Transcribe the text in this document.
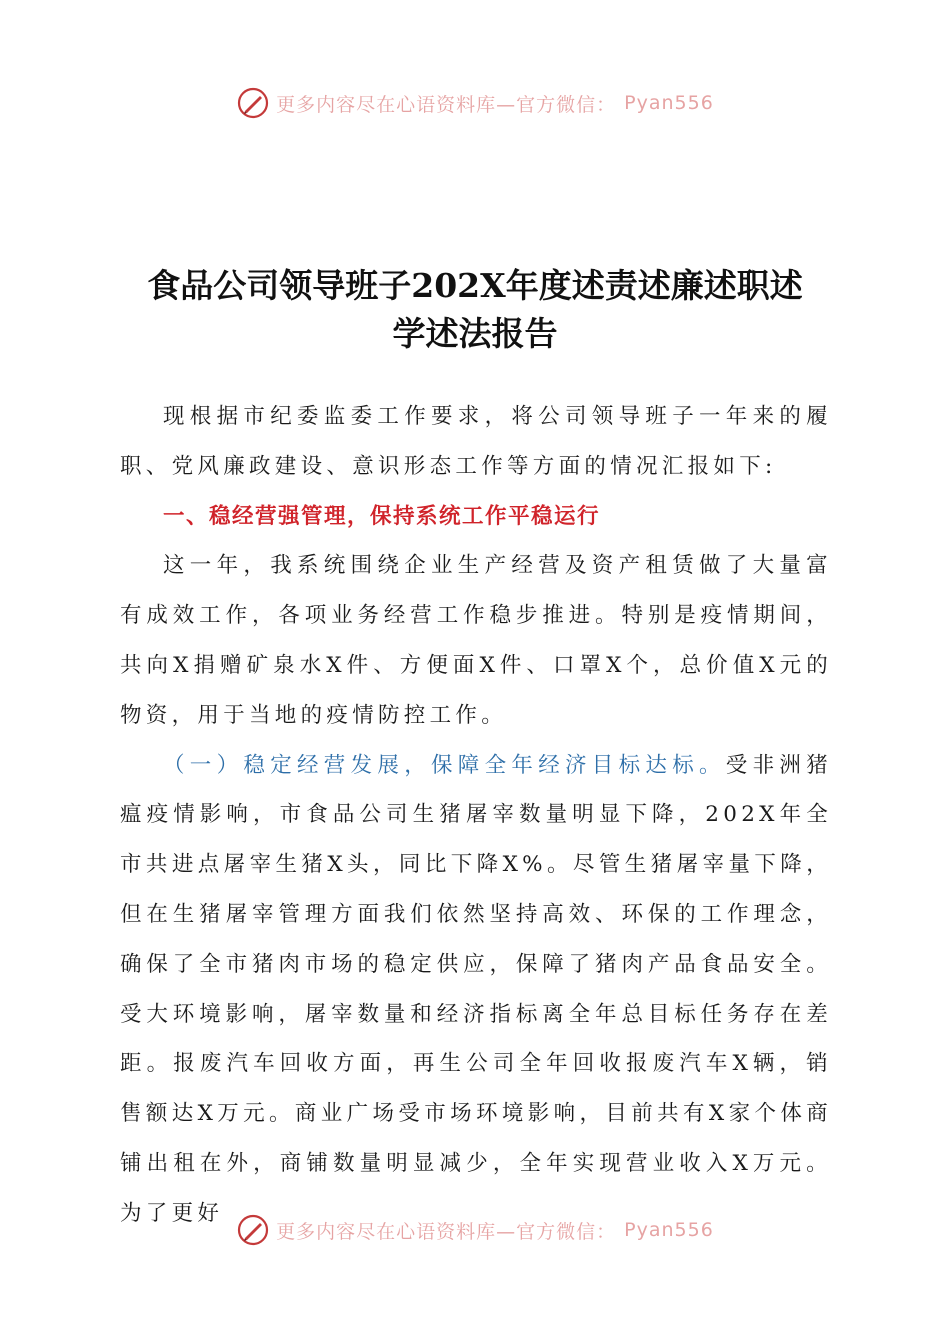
更多内容尽在心语资料库—官方微信： Pyan556
食品公司领导班子202X年度述责述廉述职述
学述法报告

现根据市纪委监委工作要求，将公司领导班子一年来的履职、党风廉政建设、意识形态工作等方面的情况汇报如下:

一、稳经营强管理，保持系统工作平稳运行

这一年，我系统围绕企业生产经营及资产租赁做了大量富有成效工作，各项业务经营工作稳步推进。特别是疫情期间，共向X捐赠矿泉水X件、方便面X件、口罩X个，总价值X元的物资，用于当地的疫情防控工作。

（一）稳定经营发展，保障全年经济目标达标。受非洲猪瘟疫情影响，市食品公司生猪屠宰数量明显下降，202X年全市共进点屠宰生猪X头，同比下降X%。尽管生猪屠宰量下降，但在生猪屠宰管理方面我们依然坚持高效、环保的工作理念，确保了全市猪肉市场的稳定供应，保障了猪肉产品食品安全。受大环境影响，屠宰数量和经济指标离全年总目标任务存在差距。报废汽车回收方面，再生公司全年回收报废汽车X辆，销售额达X万元。商业广场受市场环境影响，目前共有X家个体商铺出租在外，商铺数量明显减少，全年实现营业收入X万元。为了更好

更多内容尽在心语资料库—官方微信： Pyan556
